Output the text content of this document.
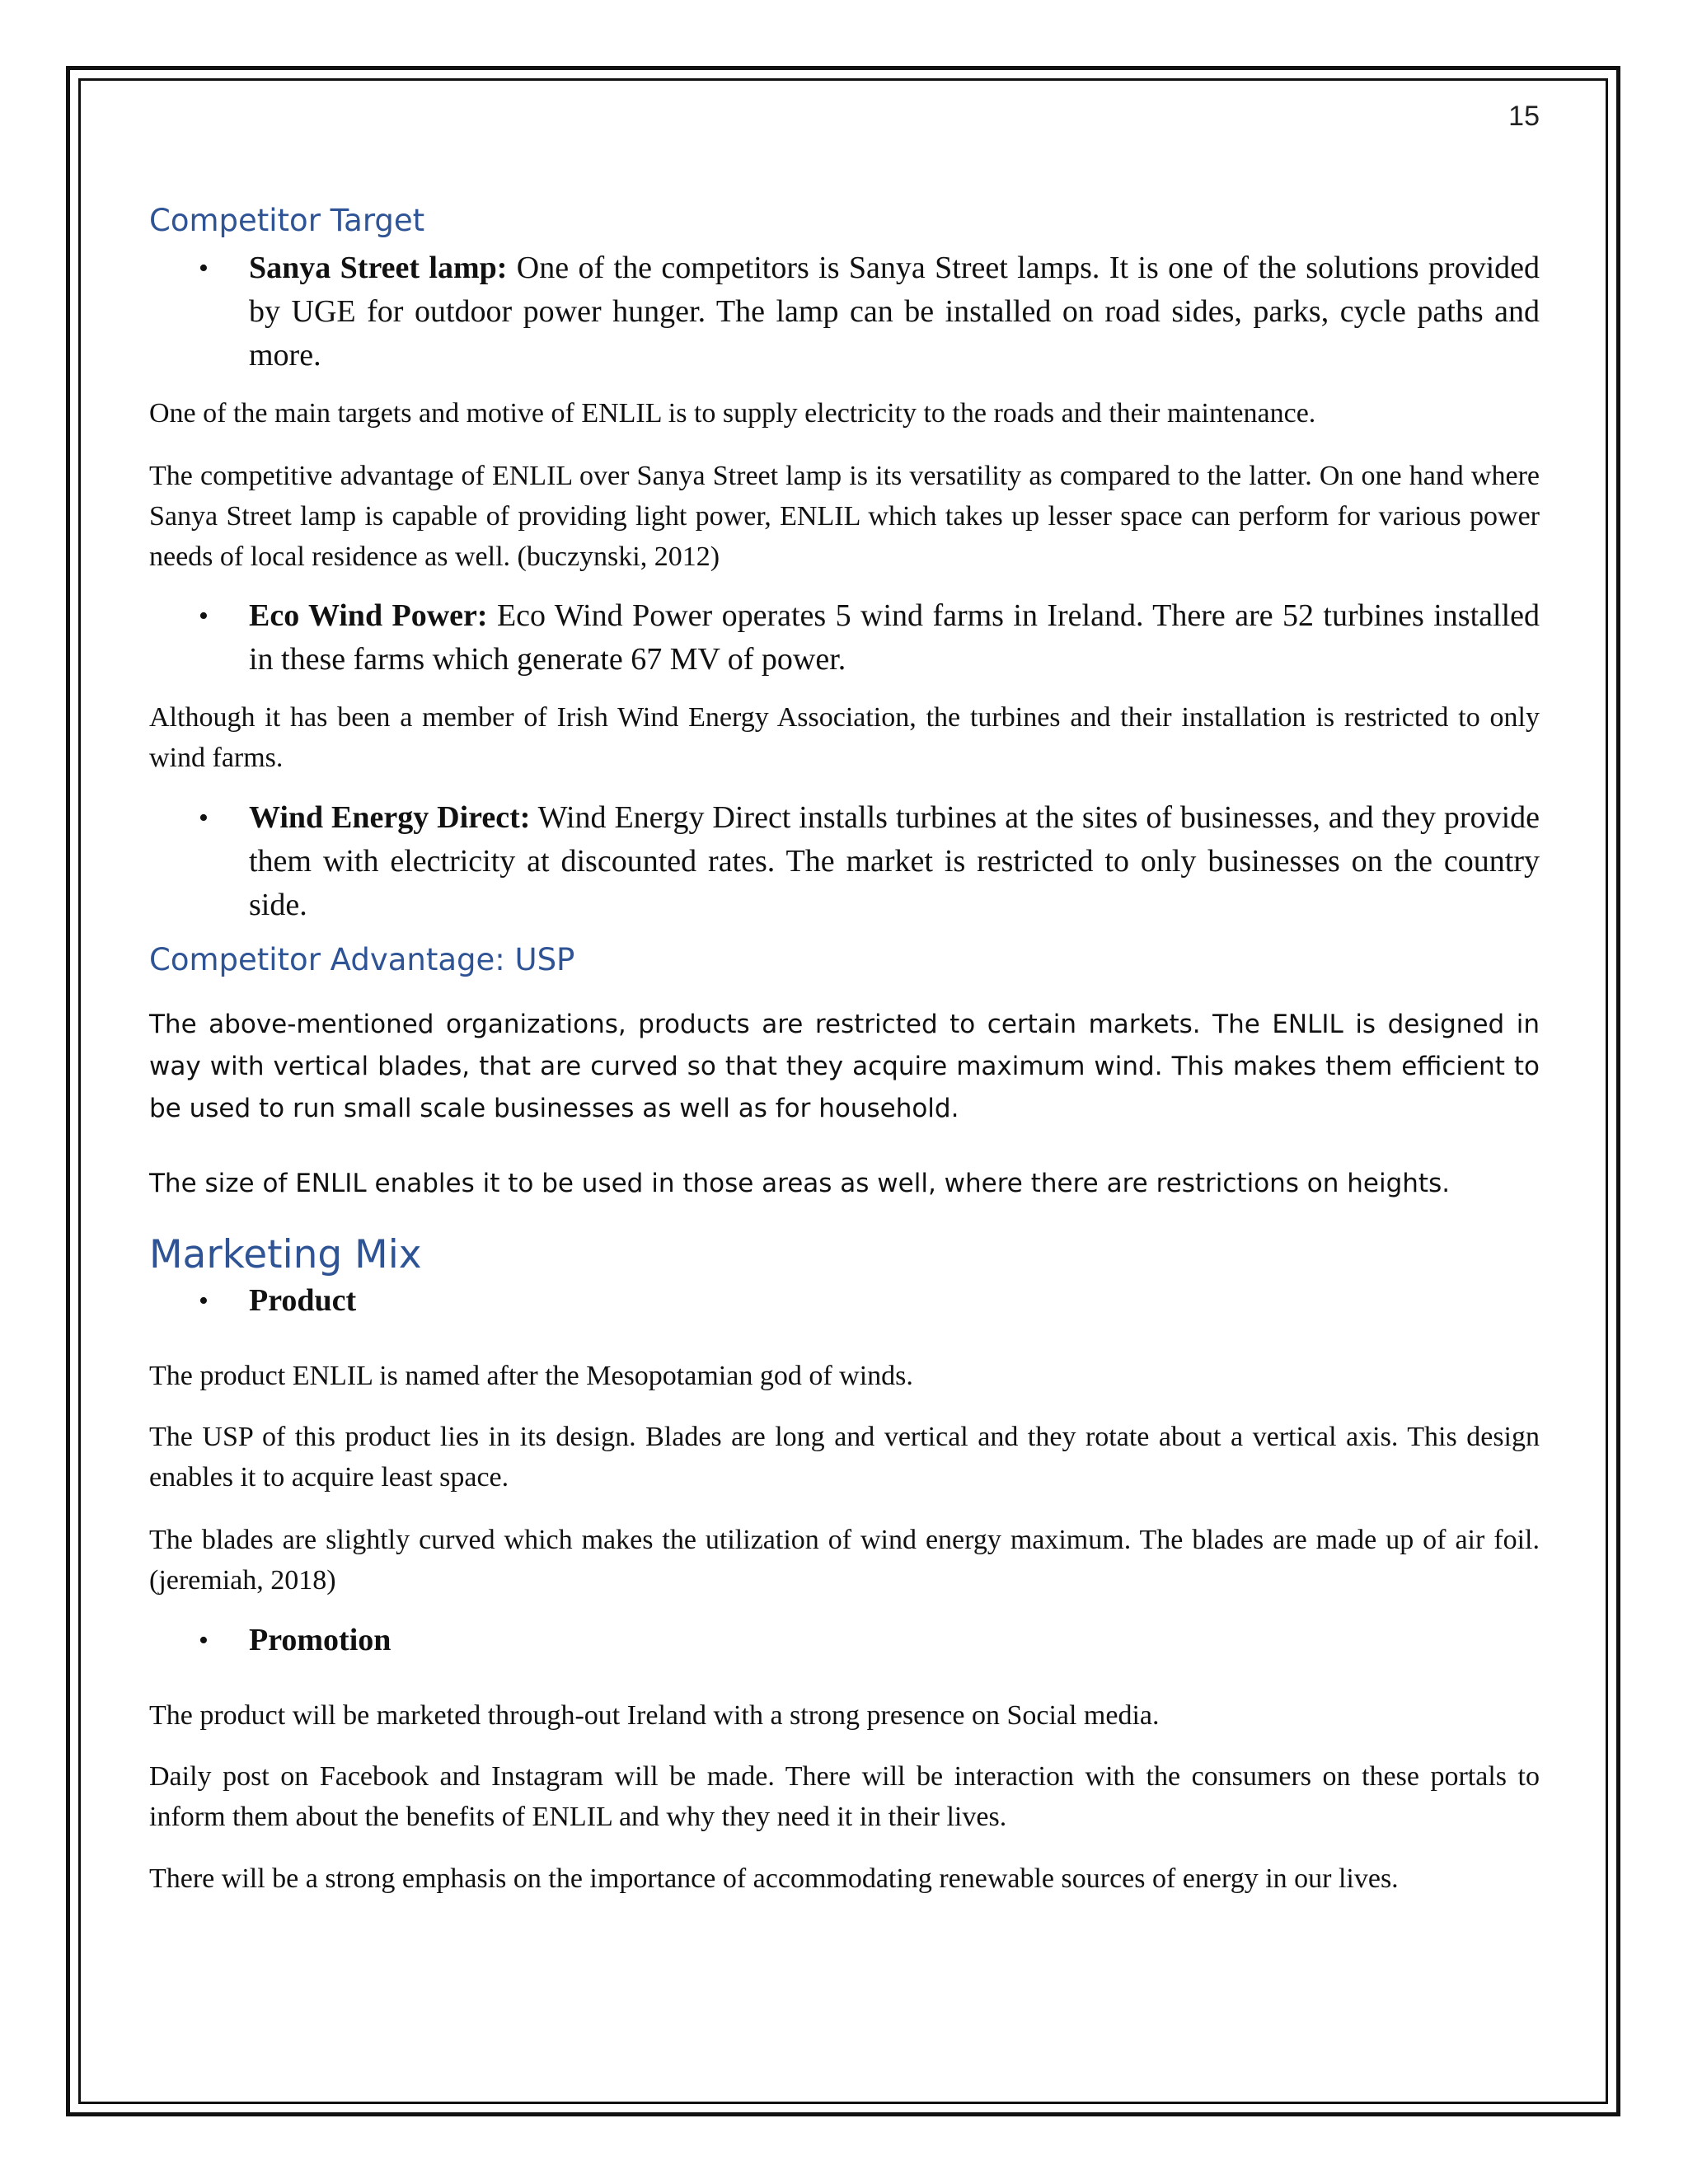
15
Competitor Target
• Sanya Street lamp: One of the competitors is Sanya Street lamps. It is one of the solutions provided by UGE for outdoor power hunger. The lamp can be installed on road sides, parks, cycle paths and more.

One of the main targets and motive of ENLIL is to supply electricity to the roads and their maintenance.

The competitive advantage of ENLIL over Sanya Street lamp is its versatility as compared to the latter. On one hand where Sanya Street lamp is capable of providing light power, ENLIL which takes up lesser space can perform for various power needs of local residence as well. (buczynski, 2012)

• Eco Wind Power: Eco Wind Power operates 5 wind farms in Ireland. There are 52 turbines installed in these farms which generate 67 MV of power.

Although it has been a member of Irish Wind Energy Association, the turbines and their installation is restricted to only wind farms.

• Wind Energy Direct: Wind Energy Direct installs turbines at the sites of businesses, and they provide them with electricity at discounted rates. The market is restricted to only businesses on the country side.
Competitor Advantage: USP

The above-mentioned organizations, products are restricted to certain markets. The ENLIL is designed in way with vertical blades, that are curved so that they acquire maximum wind. This makes them efficient to be used to run small scale businesses as well as for household.

The size of ENLIL enables it to be used in those areas as well, where there are restrictions on heights.

Marketing Mix
• Product

The product ENLIL is named after the Mesopotamian god of winds.

The USP of this product lies in its design. Blades are long and vertical and they rotate about a vertical axis. This design enables it to acquire least space.

The blades are slightly curved which makes the utilization of wind energy maximum. The blades are made up of air foil. (jeremiah, 2018)

• Promotion

The product will be marketed through-out Ireland with a strong presence on Social media.

Daily post on Facebook and Instagram will be made. There will be interaction with the consumers on these portals to inform them about the benefits of ENLIL and why they need it in their lives.

There will be a strong emphasis on the importance of accommodating renewable sources of energy in our lives.
